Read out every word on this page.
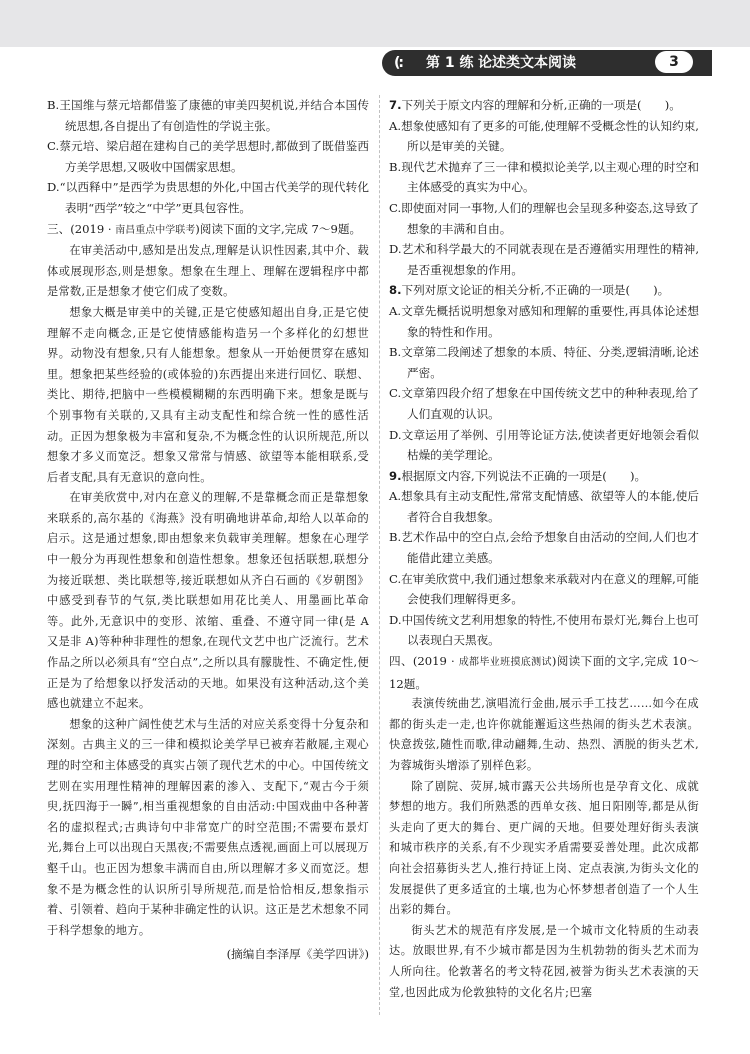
(: 第 1 练 论述类文本阅读	3

B.王国维与蔡元培都借鉴了康德的审美四契机说,并结合本国传统思想,各自提出了有创造性的学说主张。

C.蔡元培、梁启超在建构自己的美学思想时,都做到了既借鉴西方美学思想,又吸收中国儒家思想。

D.“以西释中”是西学为贵思想的外化,中国古代美学的现代转化表明“西学”较之“中学”更具包容性。

三、(2019 · 南昌重点中学联考)阅读下面的文字,完成 7～9题。

在审美活动中,感知是出发点,理解是认识性因素,其中介、载体或展现形态,则是想象。想象在生理上、理解在逻辑程序中都是常数,正是想象才使它们成了变数。

想象大概是审美中的关键,正是它使感知超出自身,正是它使理解不走向概念,正是它使情感能构造另一个多样化的幻想世界。动物没有想象,只有人能想象。想象从一开始便贯穿在感知里。想象把某些经验的(或体验的)东西提出来进行回忆、联想、类比、期待,把脑中一些模模糊糊的东西明确下来。想象是既与个别事物有关联的,又具有主动支配性和综合统一性的感性活动。正因为想象极为丰富和复杂,不为概念性的认识所规范,所以想象才多义而宽泛。想象又常常与情感、欲望等本能相联系,受后者支配,具有无意识的意向性。

在审美欣赏中,对内在意义的理解,不是靠概念而正是靠想象来联系的,高尔基的《海燕》没有明确地讲革命,却给人以革命的启示。这是通过想象,即由想象来负载审美理解。想象在心理学中一般分为再现性想象和创造性想象。想象还包括联想,联想分为接近联想、类比联想等,接近联想如从齐白石画的《岁朝图》中感受到春节的气氛,类比联想如用花比美人、用墨画比革命等。此外,无意识中的变形、浓缩、重叠、不遵守同一律(是 A 又是非 A)等种种非理性的想象,在现代文艺中也广泛流行。艺术作品之所以必须具有“空白点”,之所以具有朦胧性、不确定性,便正是为了给想象以抒发活动的天地。如果没有这种活动,这个美感也就建立不起来。

想象的这种广阔性使艺术与生活的对应关系变得十分复杂和深刻。古典主义的三一律和模拟论美学早已被弃若敝屣,主观心理的时空和主体感受的真实占领了现代艺术的中心。中国传统文艺则在实用理性精神的理解因素的渗入、支配下,“观古今于须臾,抚四海于一瞬”,相当重视想象的自由活动:中国戏曲中各种著名的虚拟程式;古典诗句中非常宽广的时空范围;不需要布景灯光,舞台上可以出现白天黑夜;不需要焦点透视,画面上可以展现万壑千山。也正因为想象丰满而自由,所以理解才多义而宽泛。想象不是为概念性的认识所引导所规范,而是恰恰相反,想象指示着、引领着、趋向于某种非确定性的认识。这正是艺术想象不同于科学想象的地方。

(摘编自李泽厚《美学四讲》)

7.下列关于原文内容的理解和分析,正确的一项是(　　)。

A.想象使感知有了更多的可能,使理解不受概念性的认知约束,所以是审美的关键。

B.现代艺术抛弃了三一律和模拟论美学,以主观心理的时空和主体感受的真实为中心。

C.即使面对同一事物,人们的理解也会呈现多种姿态,这导致了想象的丰满和自由。

D.艺术和科学最大的不同就表现在是否遵循实用理性的精神,是否重视想象的作用。

8.下列对原文论证的相关分析,不正确的一项是(　　)。

A.文章先概括说明想象对感知和理解的重要性,再具体论述想象的特性和作用。

B.文章第二段阐述了想象的本质、特征、分类,逻辑清晰,论述严密。

C.文章第四段介绍了想象在中国传统文艺中的种种表现,给了人们直观的认识。

D.文章运用了举例、引用等论证方法,使读者更好地领会看似枯燥的美学理论。

9.根据原文内容,下列说法不正确的一项是(　　)。

A.想象具有主动支配性,常常支配情感、欲望等人的本能,使后者符合自我想象。

B.艺术作品中的空白点,会给予想象自由活动的空间,人们也才能借此建立美感。

C.在审美欣赏中,我们通过想象来承载对内在意义的理解,可能会使我们理解得更多。

D.中国传统文艺利用想象的特性,不使用布景灯光,舞台上也可以表现白天黑夜。

四、(2019 · 成都毕业班摸底测试)阅读下面的文字,完成 10～12题。

表演传统曲艺,演唱流行金曲,展示手工技艺……如今在成都的街头走一走,也许你就能邂逅这些热闹的街头艺术表演。快意拨弦,随性而歌,律动翩舞,生动、热烈、洒脱的街头艺术,为蓉城街头增添了别样色彩。

除了剧院、荧屏,城市露天公共场所也是孕育文化、成就梦想的地方。我们所熟悉的西单女孩、旭日阳刚等,都是从街头走向了更大的舞台、更广阔的天地。但要处理好街头表演和城市秩序的关系,有不少现实矛盾需要妥善处理。此次成都向社会招募街头艺人,推行持证上岗、定点表演,为街头文化的发展提供了更多适宜的土壤,也为心怀梦想者创造了一个人生出彩的舞台。

街头艺术的规范有序发展,是一个城市文化特质的生动表达。放眼世界,有不少城市都是因为生机勃勃的街头艺术而为人所向往。伦敦著名的考文特花园,被誉为街头艺术表演的天堂,也因此成为伦敦独特的文化名片;巴塞
